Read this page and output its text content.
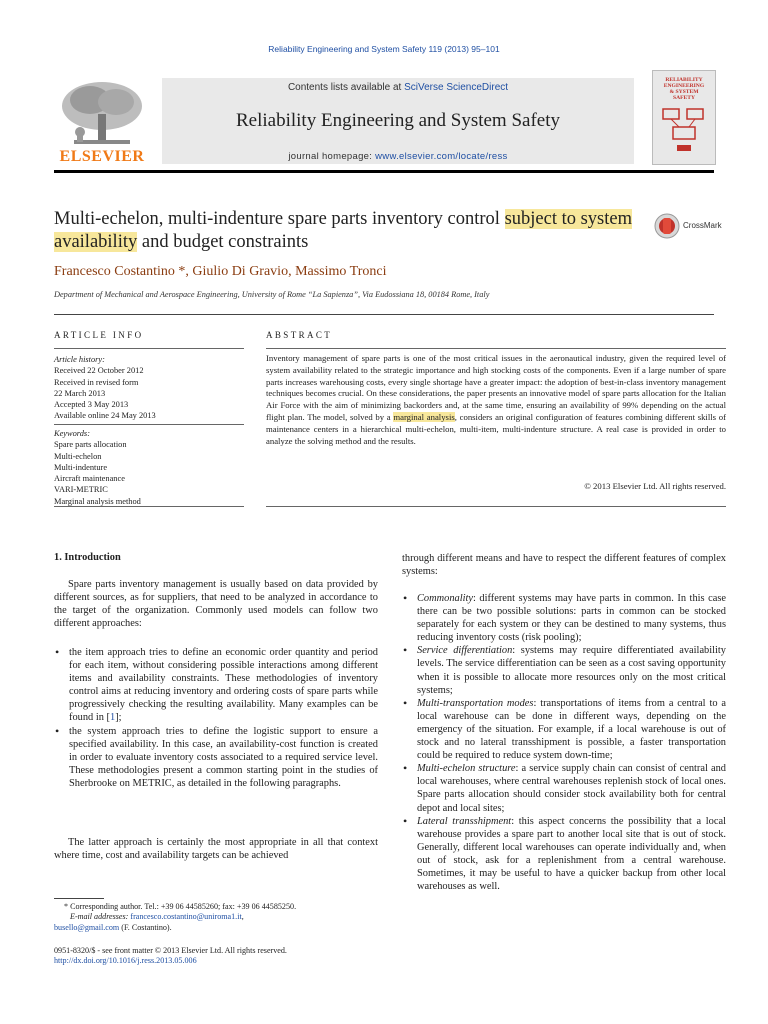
Reliability Engineering and System Safety 119 (2013) 95–101
ELSEVIER
Contents lists available at SciVerse ScienceDirect
Reliability Engineering and System Safety
journal homepage: www.elsevier.com/locate/ress
RELIABILITY
ENGINEERING
& SYSTEM
SAFETY
Multi-echelon, multi-indenture spare parts inventory control subject to system availability and budget constraints
CrossMark
Francesco Costantino *, Giulio Di Gravio, Massimo Tronci
Department of Mechanical and Aerospace Engineering, University of Rome “La Sapienza”, Via Eudossiana 18, 00184 Rome, Italy
ARTICLE INFO
Article history:
Received 22 October 2012
Received in revised form
22 March 2013
Accepted 3 May 2013
Available online 24 May 2013
Keywords:
Spare parts allocation
Multi-echelon
Multi-indenture
Aircraft maintenance
VARI-METRIC
Marginal analysis method
ABSTRACT
Inventory management of spare parts is one of the most critical issues in the aeronautical industry, given the required level of system availability related to the strategic importance and high stocking costs of the components. Even if a large number of spare parts increases warehousing costs, every single shortage have a greater impact: the adoption of best-in-class inventory management techniques becomes crucial. On these considerations, the paper presents an innovative model of spare parts allocation for the Italian Air Force with the aim of minimizing backorders and, at the same time, ensuring an availability of 99% depending on the actual flight plan. The model, solved by a marginal analysis, considers an original configuration of features combining different skills of maintenance centers in a hierarchical multi-echelon, multi-item, multi-indenture structure. A real case is provided in order to analyze the solving method and the results.
© 2013 Elsevier Ltd. All rights reserved.
1. Introduction
Spare parts inventory management is usually based on data provided by different sources, as for suppliers, that need to be analyzed in accordance to the target of the organization. Commonly used models can follow two different approaches:
• the item approach tries to define an economic order quantity and period for each item, without considering possible interactions among different items and availability constraints. These methodologies of inventory control aims at reducing inventory and ordering costs of spare parts while progressively checking the resulting availability. Many examples can be found in [1];
• the system approach tries to define the logistic support to ensure a specified availability. In this case, an availability-cost function is created in order to evaluate inventory costs associated to a required service level. These methodologies present a common starting point in the studies of Sherbrooke on METRIC, as detailed in the following paragraphs.
The latter approach is certainly the most appropriate in all that context where time, cost and availability targets can be achieved
through different means and have to respect the different features of complex systems:
• Commonality: different systems may have parts in common. In this case there can be two possible solutions: parts in common can be stocked separately for each system or they can be destined to many systems, thus reducing inventory costs (risk pooling);
• Service differentiation: systems may require differentiated availability levels. The service differentiation can be seen as a cost saving opportunity when it is possible to allocate more resources only on the most critical systems;
• Multi-transportation modes: transportations of items from a central to a local warehouse can be done in different ways, depending on the emergency of the situation. For example, if a local warehouse is out of stock and no lateral transshipment is possible, a faster transportation could be required to reduce system down-time;
• Multi-echelon structure: a service supply chain can consist of central and local warehouses, where central warehouses replenish stock of local ones. Spare parts allocation should consider stock availability both for central depot and local sites;
• Lateral transshipment: this aspect concerns the possibility that a local warehouse provides a spare part to another local site that is out of stock. Generally, different local warehouses can operate individually and, when out of stock, ask for a replenishment from a central warehouse. Sometimes, it may be useful to have a quicker backup from other local warehouses as well.
* Corresponding author. Tel.: +39 06 44585260; fax: +39 06 44585250.
E-mail addresses: francesco.costantino@uniroma1.it,
busello@gmail.com (F. Costantino).
0951-8320/$ - see front matter © 2013 Elsevier Ltd. All rights reserved.
http://dx.doi.org/10.1016/j.ress.2013.05.006
